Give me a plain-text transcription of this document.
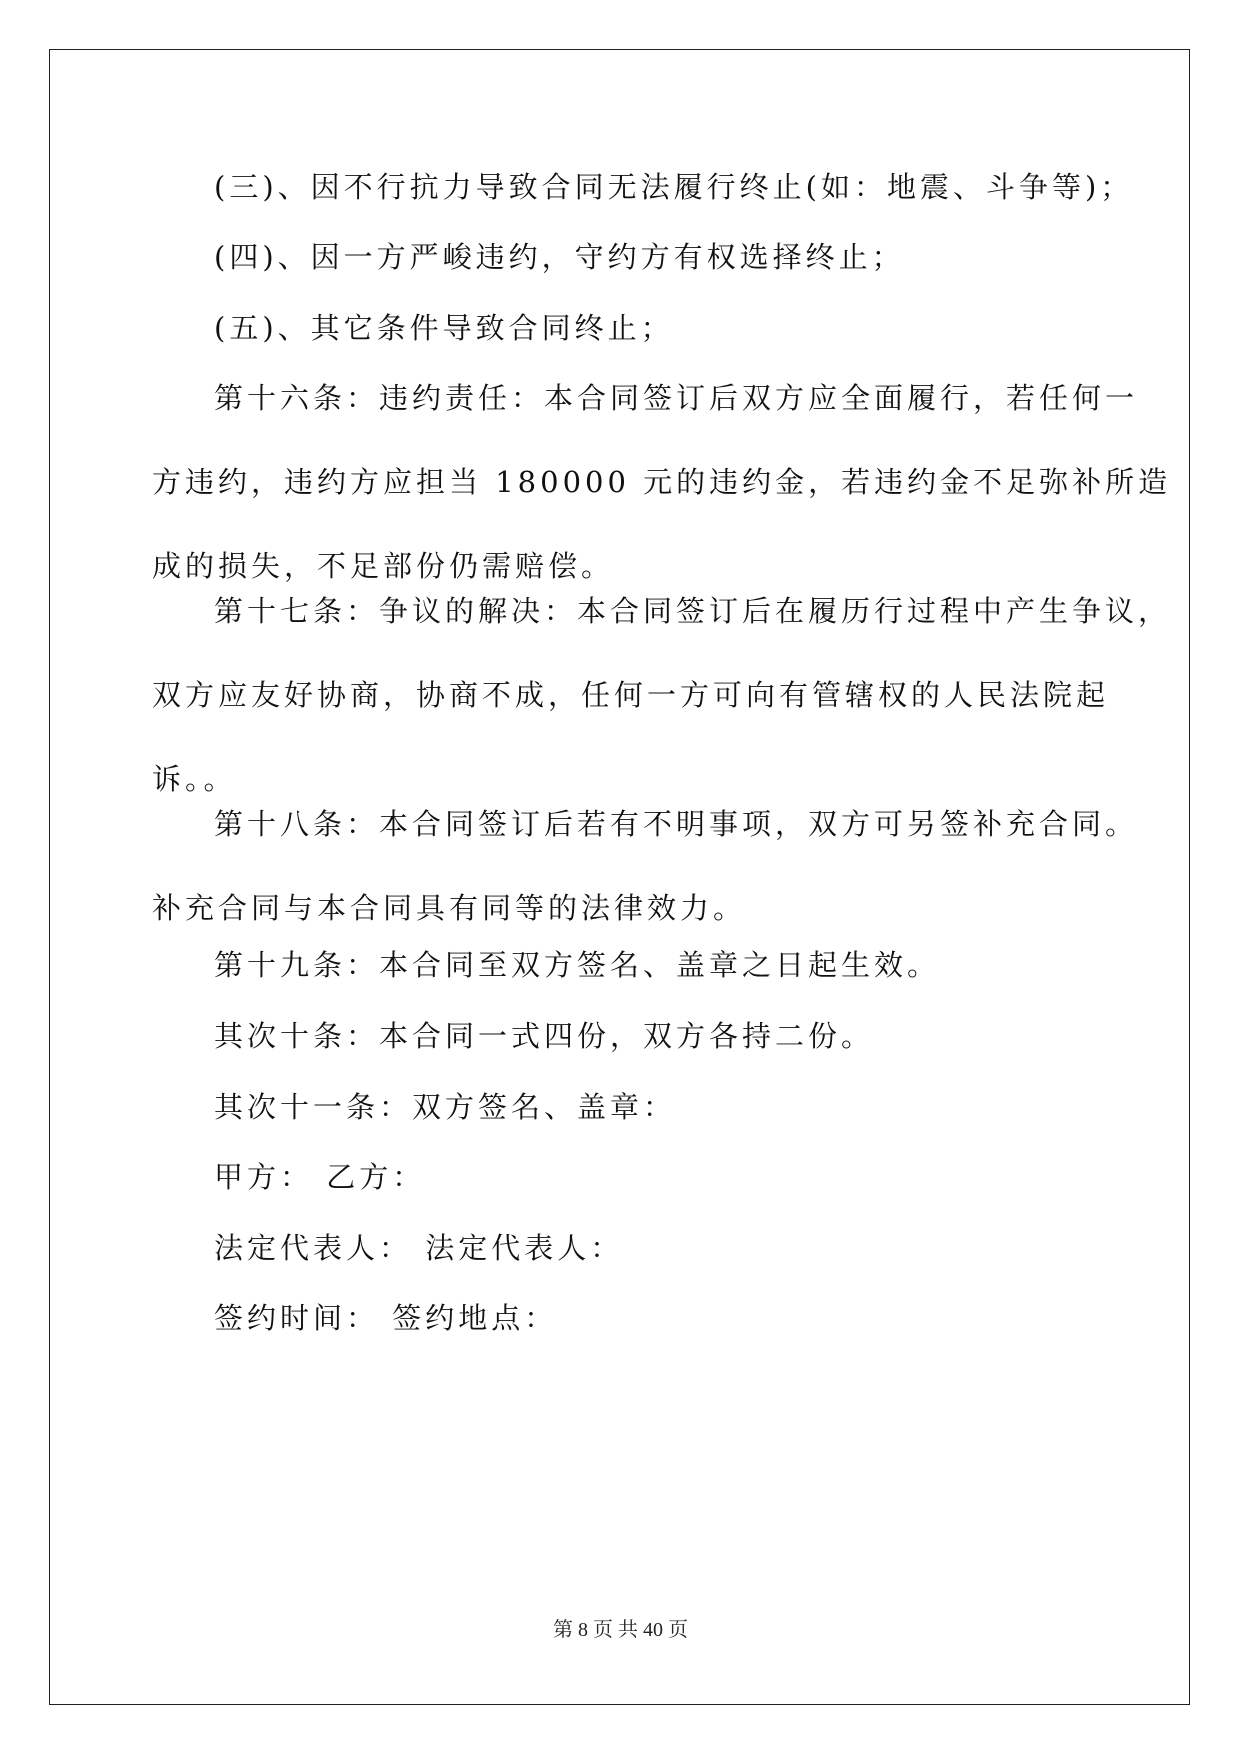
(三)、因不行抗力导致合同无法履行终止(如：地震、斗争等)；

(四)、因一方严峻违约，守约方有权选择终止；

(五)、其它条件导致合同终止；

第十六条：违约责任：本合同签订后双方应全面履行，若任何一
方违约，违约方应担当 180000 元的违约金，若违约金不足弥补所造
成的损失，不足部份仍需赔偿。
第十七条：争议的解决：本合同签订后在履历行过程中产生争议，
双方应友好协商，协商不成，任何一方可向有管辖权的人民法院起
诉。。
第十八条：本合同签订后若有不明事项，双方可另签补充合同。
补充合同与本合同具有同等的法律效力。

第十九条：本合同至双方签名、盖章之日起生效。

其次十条：本合同一式四份，双方各持二份。

其次十一条：双方签名、盖章：

甲方： 乙方：

法定代表人： 法定代表人：

签约时间： 签约地点：

第 8 页 共 40 页
